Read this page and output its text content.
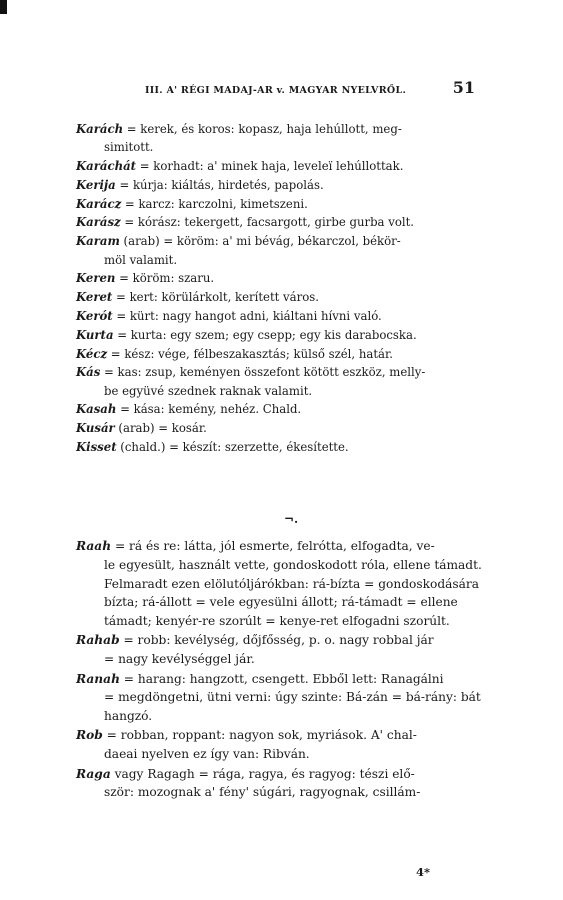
III. A' RÉGI MADAJ-AR v. MAGYAR NYELVRŐL.	51
Karách = kerek, és koros: kopasz, haja lehúllott, meg-
simitott.
Karáchát = korhadt: a' minek haja, leveleï lehúllottak.
Kerija = kúrja: kiáltás, hirdetés, papolás.
Karácz = karcz: karczolni, kimetszeni.
Karász = kórász: tekergett, facsargott, girbe gurba volt.
Karam (arab) = köröm: a' mi bévág, békarczol, békör-
möl valamit.
Keren = köröm: szaru.
Keret = kert: körülárkolt, kerített város.
Kerót = kürt: nagy hangot adni, kiáltani hívni való.
Kurta = kurta: egy szem; egy csepp; egy kis darabocska.
Kécz = kész: vége, félbeszakasztás; külső szél, határ.
Kás = kas: zsup, keményen összefont kötött eszköz, melly-
be együvé szednek raknak valamit.
Kasah = kása: kemény, nehéz. Chald.
Kusár (arab) = kosár.
Kisset (chald.) = készít: szerzette, ékesítette.
¬.
Raah = rá és re: látta, jól esmerte, felrótta, elfogadta, ve-
le egyesült, használt vette, gondoskodott róla, ellene támadt. Felmaradt ezen elölutóljárókban: rá-bízta = gondoskodására bízta; rá-állott = vele egyesülni állott; rá-támadt = ellene támadt; kenyér-re szorúlt = kenye-ret elfogadni szorúlt.
Rahab = robb: kevélység, dőjfősség, p. o. nagy robbal jár
= nagy kevélységgel jár.
Ranah = harang: hangzott, csengett. Ebből lett: Ranagálni
= megdöngetni, ütni verni: úgy szinte: Bá-zán = bá-rány: bát hangzó.
Rob = robban, roppant: nagyon sok, myriások. A' chal-
daeai nyelven ez így van: Ribván.
Raga vagy Ragagh = rága, ragya, és ragyog: tészi elő-
ször: mozognak a' fény' súgári, ragyognak, csillám-
4*
